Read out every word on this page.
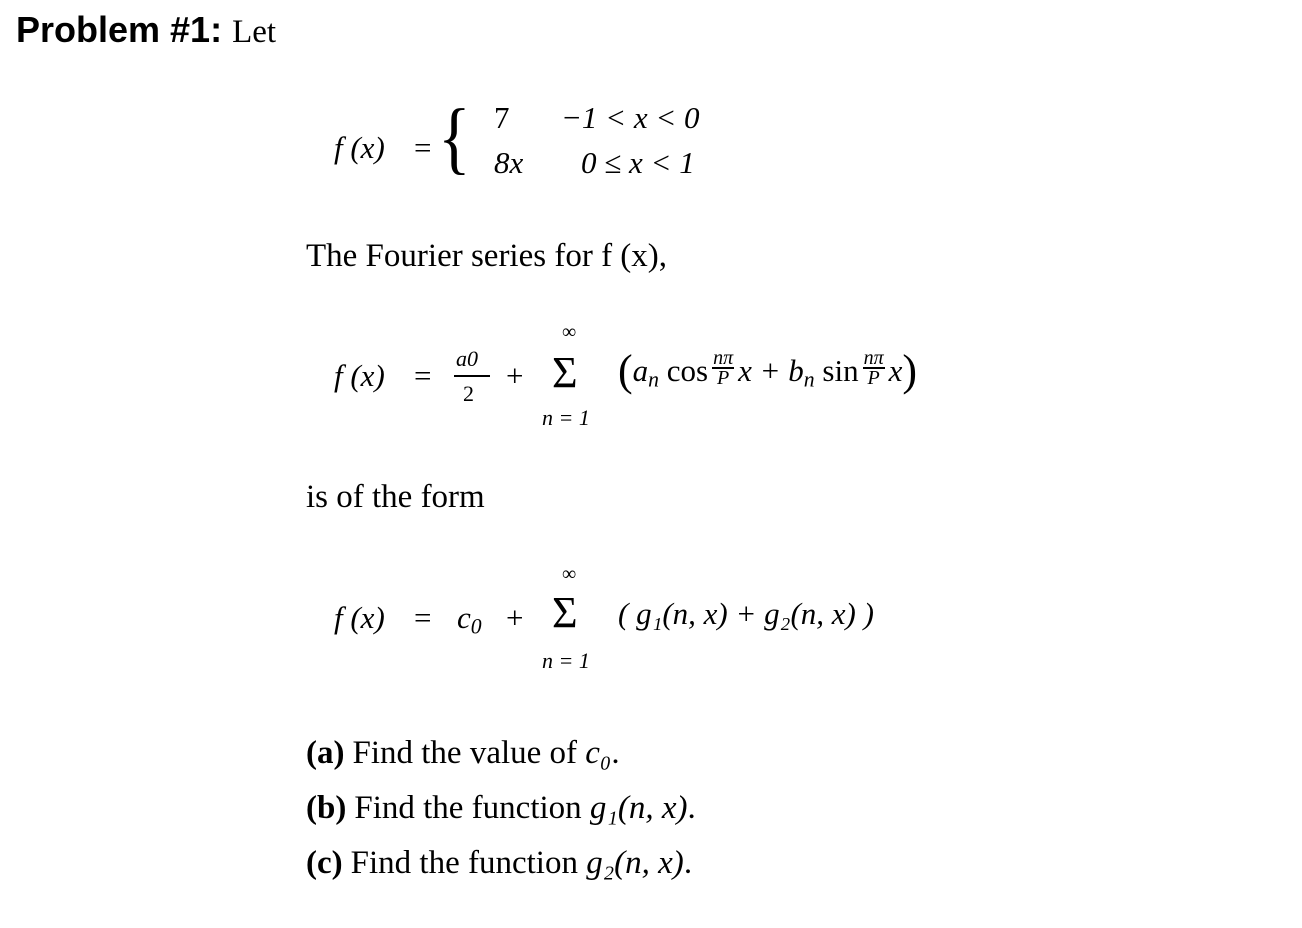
Problem #1: Let
f (x) = { 7 −1 < x < 0
8x 0 ≤ x < 1
The Fourier series for f (x),
f (x) = a0
2
+
∞
Σ
n = 1
($a_n$ $\cos \frac{n\pi}{P}$ $x + b_n$ $\sin \frac{n\pi}{P} x$)
is of the form
f $(x) = c_0$ +
∞
Σ
n = 1
( g₁(n, x) + g₂(n, x) )
(a) Find the value of c₀.
(b) Find the function g₁(n, x).
(c) Find the function g₂(n, x).
